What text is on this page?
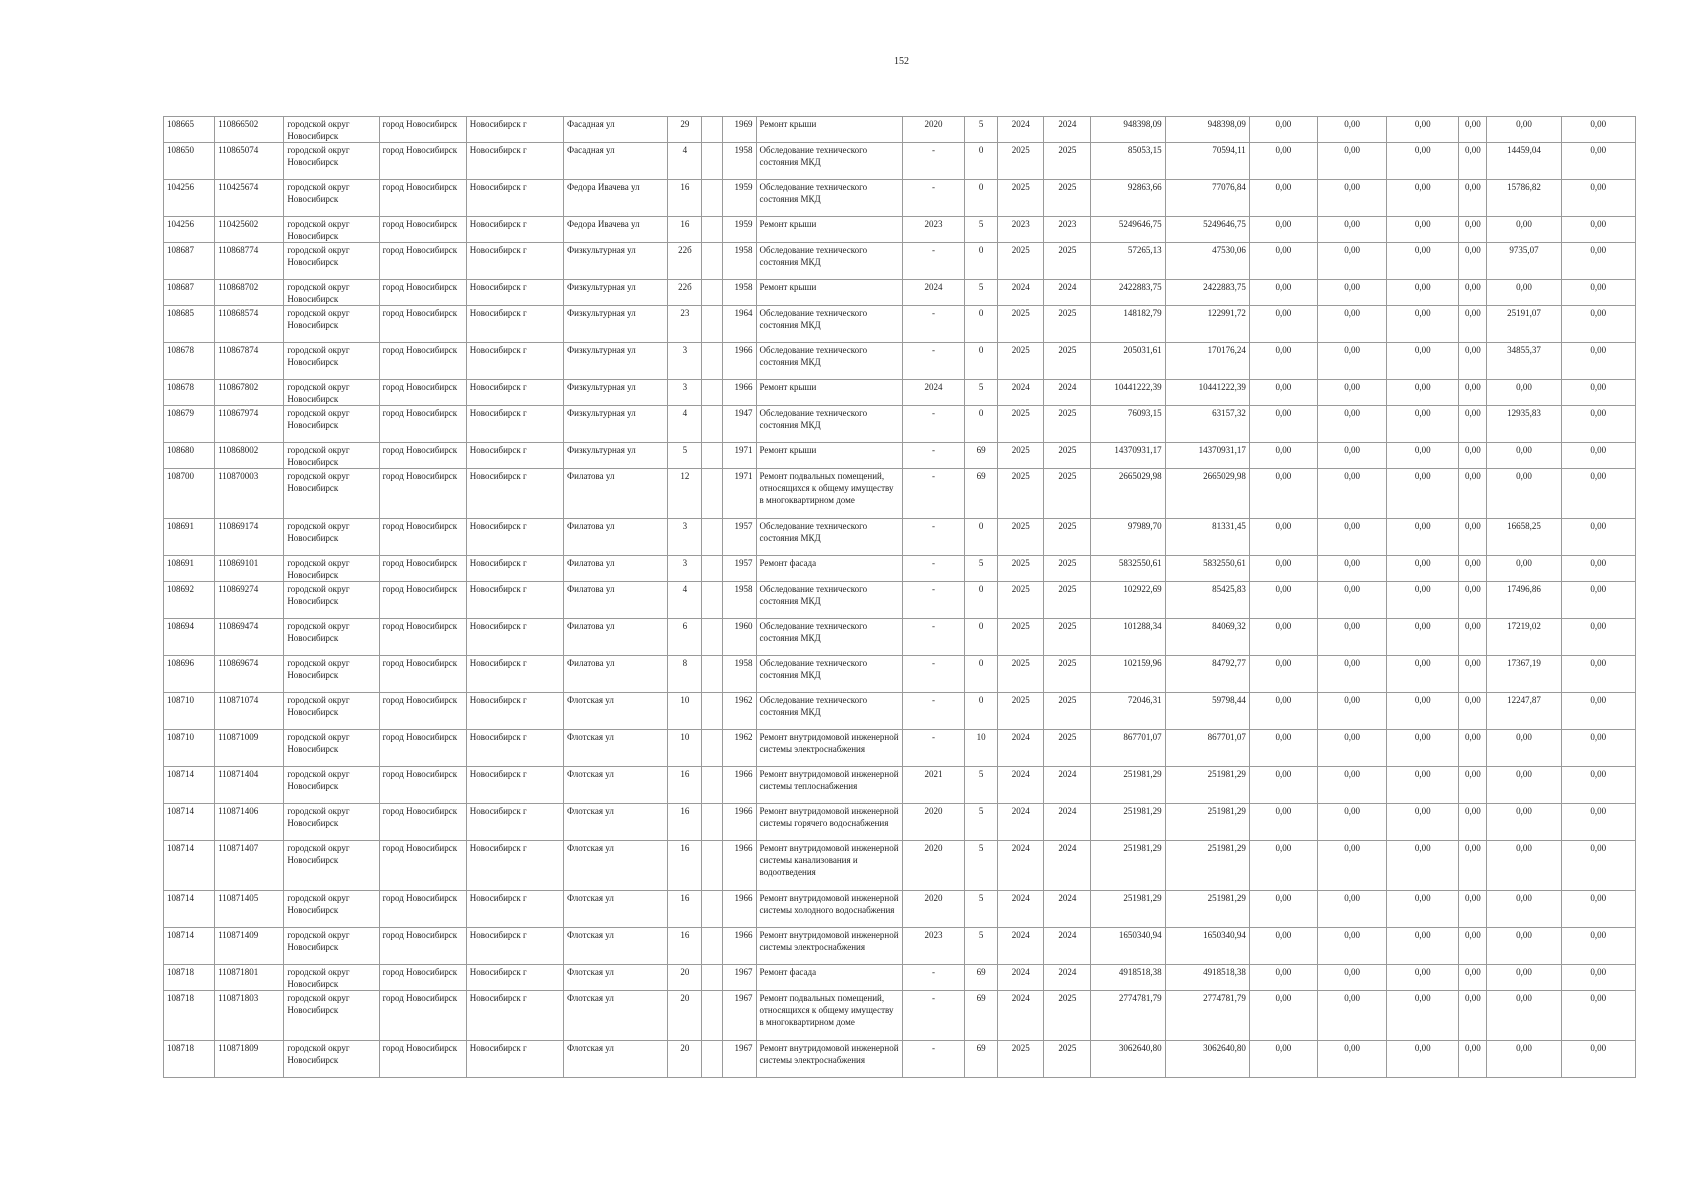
152
108665	110866502	городской округ Новосибирск	город Новосибирск	Новосибирск г	Фасадная ул	29		1969	Ремонт крыши	2020	5	2024	2024	948398,09	948398,09	0,00	0,00	0,00	0,00	0,00	0,00
108650	110865074	городской округ Новосибирск	город Новосибирск	Новосибирск г	Фасадная ул	4		1958	Обследование технического состояния МКД	-	0	2025	2025	85053,15	70594,11	0,00	0,00	0,00	0,00	14459,04	0,00
104256	110425674	городской округ Новосибирск	город Новосибирск	Новосибирск г	Федора Ивачева ул	16		1959	Обследование технического состояния МКД	-	0	2025	2025	92863,66	77076,84	0,00	0,00	0,00	0,00	15786,82	0,00
104256	110425602	городской округ Новосибирск	город Новосибирск	Новосибирск г	Федора Ивачева ул	16		1959	Ремонт крыши	2023	5	2023	2023	5249646,75	5249646,75	0,00	0,00	0,00	0,00	0,00	0,00
108687	110868774	городской округ Новосибирск	город Новосибирск	Новосибирск г	Физкультурная ул	22б		1958	Обследование технического состояния МКД	-	0	2025	2025	57265,13	47530,06	0,00	0,00	0,00	0,00	9735,07	0,00
108687	110868702	городской округ Новосибирск	город Новосибирск	Новосибирск г	Физкультурная ул	22б		1958	Ремонт крыши	2024	5	2024	2024	2422883,75	2422883,75	0,00	0,00	0,00	0,00	0,00	0,00
108685	110868574	городской округ Новосибирск	город Новосибирск	Новосибирск г	Физкультурная ул	23		1964	Обследование технического состояния МКД	-	0	2025	2025	148182,79	122991,72	0,00	0,00	0,00	0,00	25191,07	0,00
108678	110867874	городской округ Новосибирск	город Новосибирск	Новосибирск г	Физкультурная ул	3		1966	Обследование технического состояния МКД	-	0	2025	2025	205031,61	170176,24	0,00	0,00	0,00	0,00	34855,37	0,00
108678	110867802	городской округ Новосибирск	город Новосибирск	Новосибирск г	Физкультурная ул	3		1966	Ремонт крыши	2024	5	2024	2024	10441222,39	10441222,39	0,00	0,00	0,00	0,00	0,00	0,00
108679	110867974	городской округ Новосибирск	город Новосибирск	Новосибирск г	Физкультурная ул	4		1947	Обследование технического состояния МКД	-	0	2025	2025	76093,15	63157,32	0,00	0,00	0,00	0,00	12935,83	0,00
108680	110868002	городской округ Новосибирск	город Новосибирск	Новосибирск г	Физкультурная ул	5		1971	Ремонт крыши	-	69	2025	2025	14370931,17	14370931,17	0,00	0,00	0,00	0,00	0,00	0,00
108700	110870003	городской округ Новосибирск	город Новосибирск	Новосибирск г	Филатова ул	12		1971	Ремонт подвальных помещений, относящихся к общему имуществу в многоквартирном доме	-	69	2025	2025	2665029,98	2665029,98	0,00	0,00	0,00	0,00	0,00	0,00
108691	110869174	городской округ Новосибирск	город Новосибирск	Новосибирск г	Филатова ул	3		1957	Обследование технического состояния МКД	-	0	2025	2025	97989,70	81331,45	0,00	0,00	0,00	0,00	16658,25	0,00
108691	110869101	городской округ Новосибирск	город Новосибирск	Новосибирск г	Филатова ул	3		1957	Ремонт фасада	-	5	2025	2025	5832550,61	5832550,61	0,00	0,00	0,00	0,00	0,00	0,00
108692	110869274	городской округ Новосибирск	город Новосибирск	Новосибирск г	Филатова ул	4		1958	Обследование технического состояния МКД	-	0	2025	2025	102922,69	85425,83	0,00	0,00	0,00	0,00	17496,86	0,00
108694	110869474	городской округ Новосибирск	город Новосибирск	Новосибирск г	Филатова ул	6		1960	Обследование технического состояния МКД	-	0	2025	2025	101288,34	84069,32	0,00	0,00	0,00	0,00	17219,02	0,00
108696	110869674	городской округ Новосибирск	город Новосибирск	Новосибирск г	Филатова ул	8		1958	Обследование технического состояния МКД	-	0	2025	2025	102159,96	84792,77	0,00	0,00	0,00	0,00	17367,19	0,00
108710	110871074	городской округ Новосибирск	город Новосибирск	Новосибирск г	Флотская ул	10		1962	Обследование технического состояния МКД	-	0	2025	2025	72046,31	59798,44	0,00	0,00	0,00	0,00	12247,87	0,00
108710	110871009	городской округ Новосибирск	город Новосибирск	Новосибирск г	Флотская ул	10		1962	Ремонт внутридомовой инженерной системы электроснабжения	-	10	2024	2025	867701,07	867701,07	0,00	0,00	0,00	0,00	0,00	0,00
108714	110871404	городской округ Новосибирск	город Новосибирск	Новосибирск г	Флотская ул	16		1966	Ремонт внутридомовой инженерной системы теплоснабжения	2021	5	2024	2024	251981,29	251981,29	0,00	0,00	0,00	0,00	0,00	0,00
108714	110871406	городской округ Новосибирск	город Новосибирск	Новосибирск г	Флотская ул	16		1966	Ремонт внутридомовой инженерной системы горячего водоснабжения	2020	5	2024	2024	251981,29	251981,29	0,00	0,00	0,00	0,00	0,00	0,00
108714	110871407	городской округ Новосибирск	город Новосибирск	Новосибирск г	Флотская ул	16		1966	Ремонт внутридомовой инженерной системы канализования и водоотведения	2020	5	2024	2024	251981,29	251981,29	0,00	0,00	0,00	0,00	0,00	0,00
108714	110871405	городской округ Новосибирск	город Новосибирск	Новосибирск г	Флотская ул	16		1966	Ремонт внутридомовой инженерной системы холодного водоснабжения	2020	5	2024	2024	251981,29	251981,29	0,00	0,00	0,00	0,00	0,00	0,00
108714	110871409	городской округ Новосибирск	город Новосибирск	Новосибирск г	Флотская ул	16		1966	Ремонт внутридомовой инженерной системы электроснабжения	2023	5	2024	2024	1650340,94	1650340,94	0,00	0,00	0,00	0,00	0,00	0,00
108718	110871801	городской округ Новосибирск	город Новосибирск	Новосибирск г	Флотская ул	20		1967	Ремонт фасада	-	69	2024	2024	4918518,38	4918518,38	0,00	0,00	0,00	0,00	0,00	0,00
108718	110871803	городской округ Новосибирск	город Новосибирск	Новосибирск г	Флотская ул	20		1967	Ремонт подвальных помещений, относящихся к общему имуществу в многоквартирном доме	-	69	2024	2025	2774781,79	2774781,79	0,00	0,00	0,00	0,00	0,00	0,00
108718	110871809	городской округ Новосибирск	город Новосибирск	Новосибирск г	Флотская ул	20		1967	Ремонт внутридомовой инженерной системы электроснабжения	-	69	2025	2025	3062640,80	3062640,80	0,00	0,00	0,00	0,00	0,00	0,00
